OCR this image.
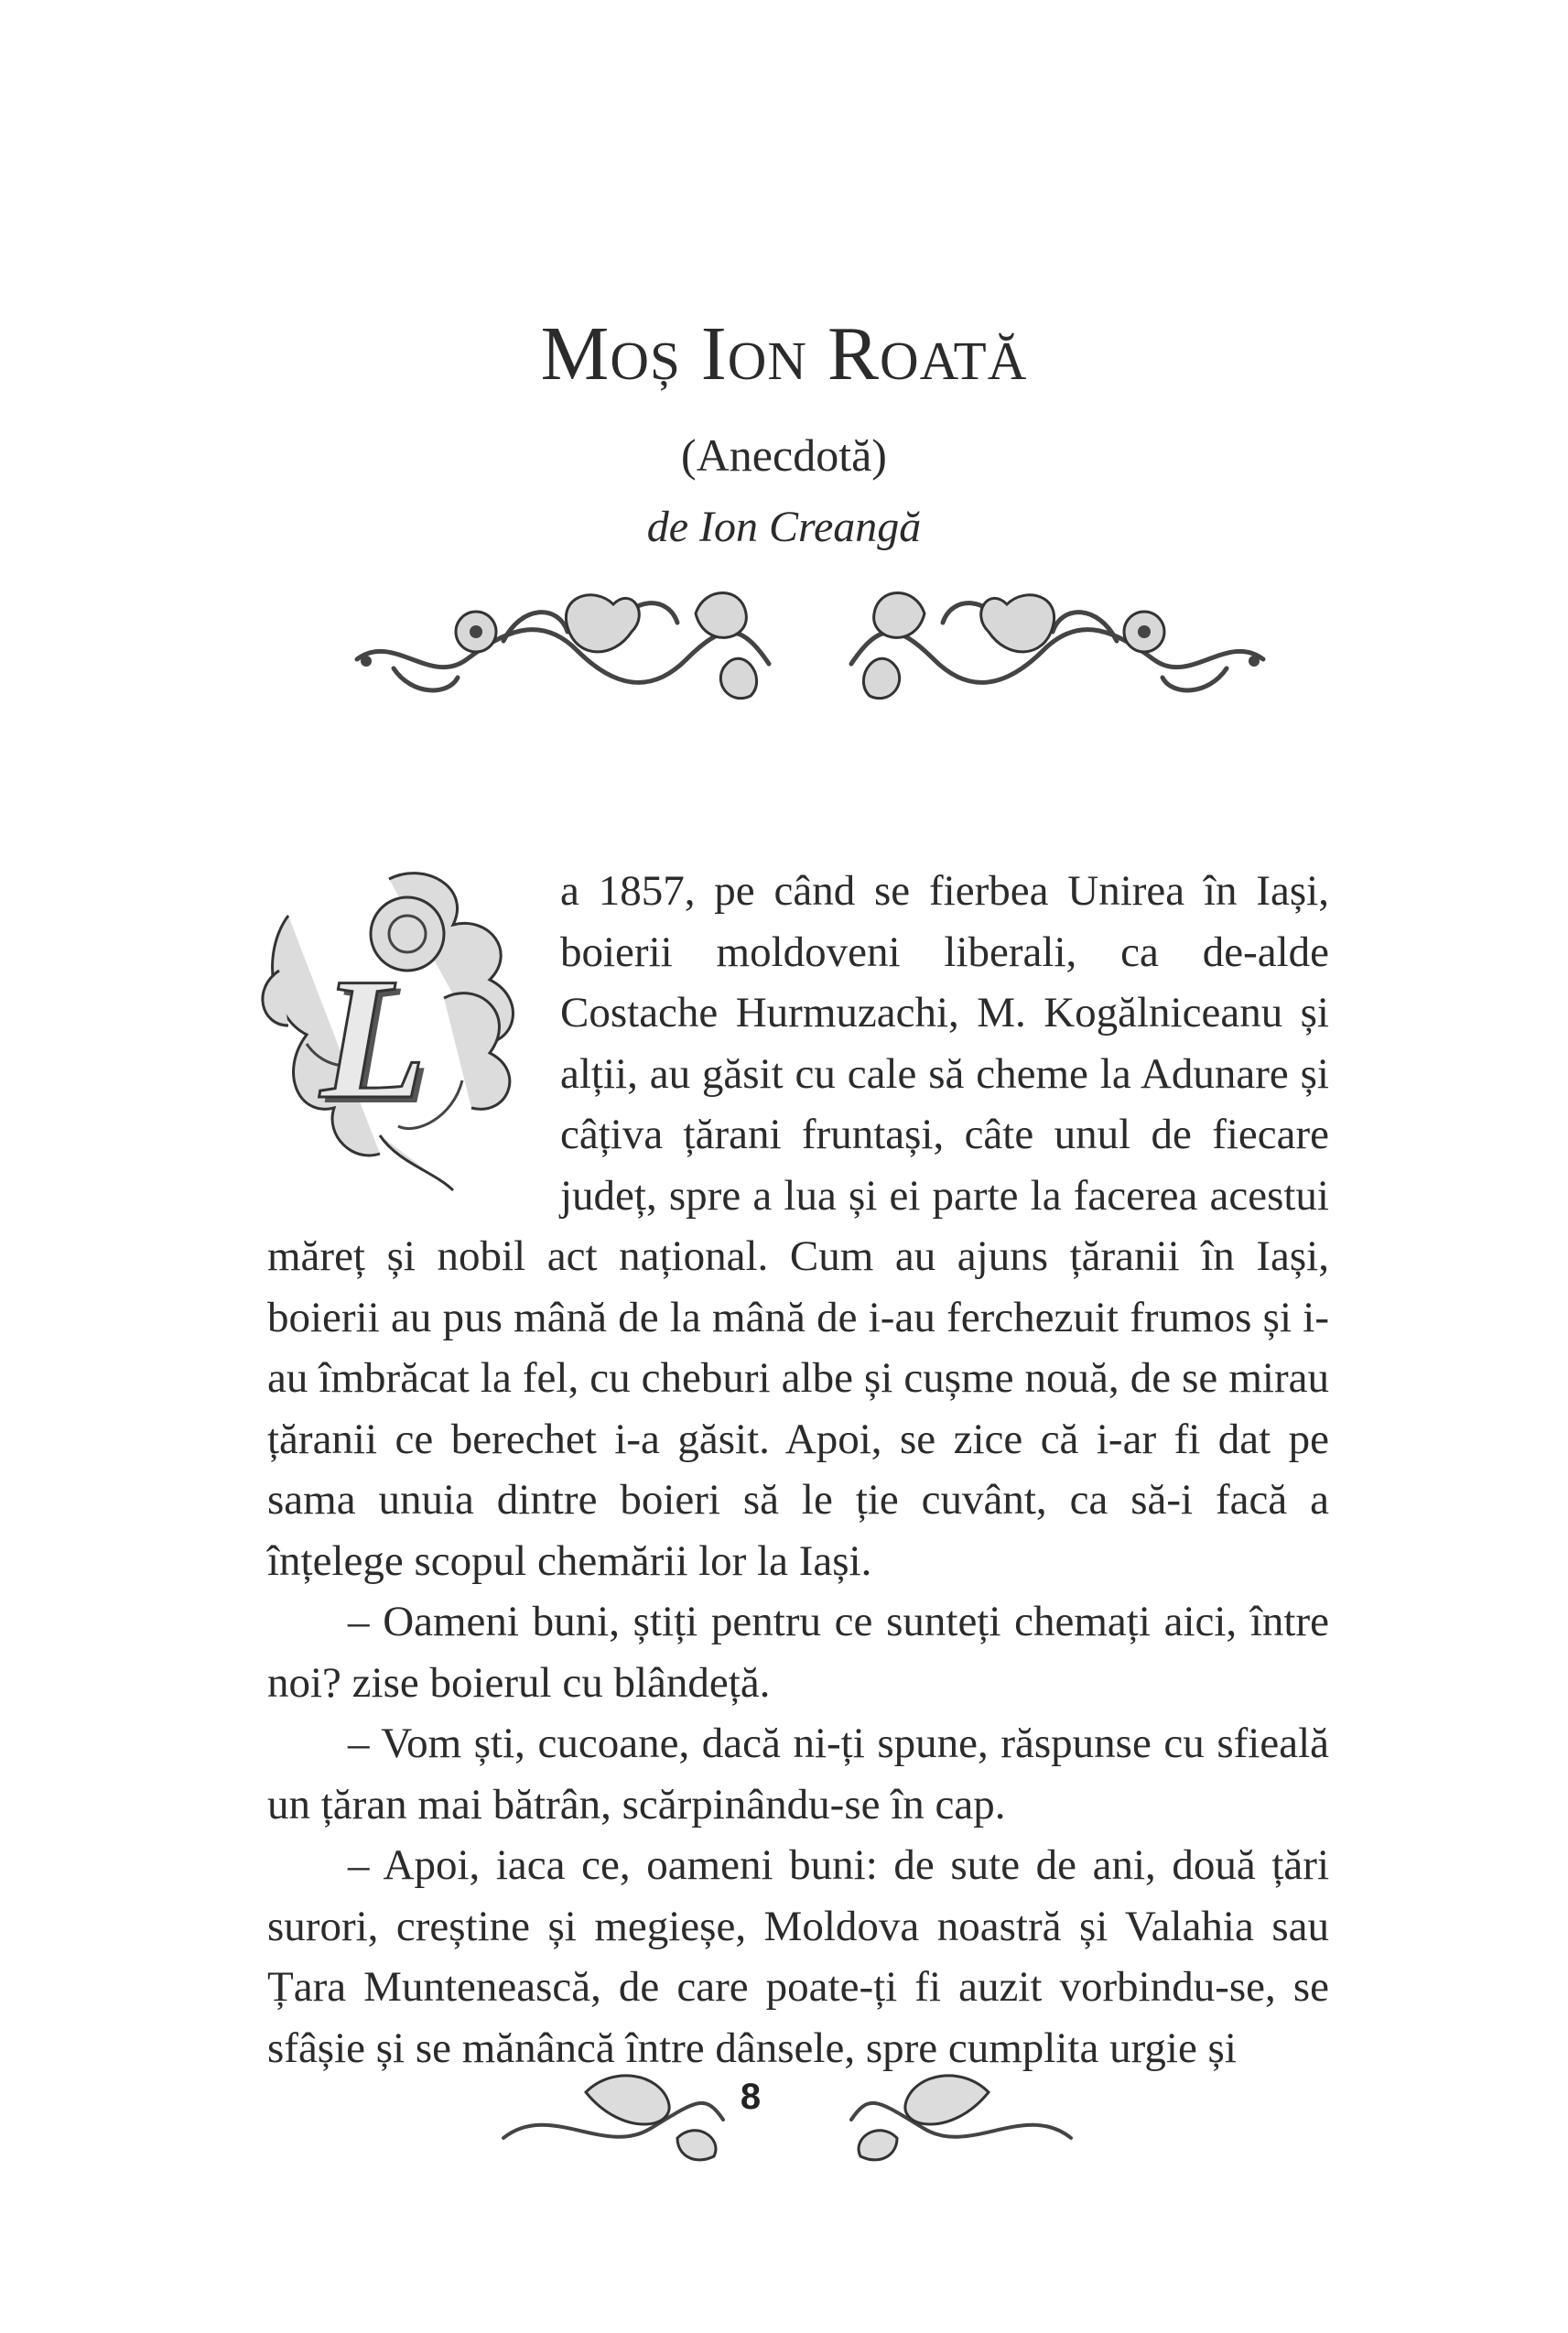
Moș Ion Roată

(Anecdotă)

de Ion Creangă

L

a 1857, pe când se fierbea Unirea în Iași, boierii moldoveni liberali, ca de-alde Costache Hurmuzachi, M. Kogălniceanu și alții, au găsit cu cale să cheme la Adunare și câțiva țărani fruntași, câte unul de fiecare județ, spre a lua și ei parte la facerea acestui măreț și nobil act național. Cum au ajuns țăranii în Iași, boierii au pus mână de la mână de i-au ferchezuit frumos și i-au îmbrăcat la fel, cu cheburi albe și cușme nouă, de se mirau țăranii ce berechet i-a găsit. Apoi, se zice că i-ar fi dat pe sama unuia dintre boieri să le ție cuvânt, ca să-i facă a înțelege scopul chemării lor la Iași.

– Oameni buni, știți pentru ce sunteți chemați aici, între noi? zise boierul cu blândeță.

– Vom ști, cucoane, dacă ni-ți spune, răspunse cu sfieală un țăran mai bătrân, scărpinându-se în cap.

– Apoi, iaca ce, oameni buni: de sute de ani, două țări surori, creștine și megieșe, Moldova noastră și Valahia sau Țara Muntenească, de care poate-ți fi auzit vorbindu-se, se sfâșie și se mănâncă între dânsele, spre cumplita urgie și

8
